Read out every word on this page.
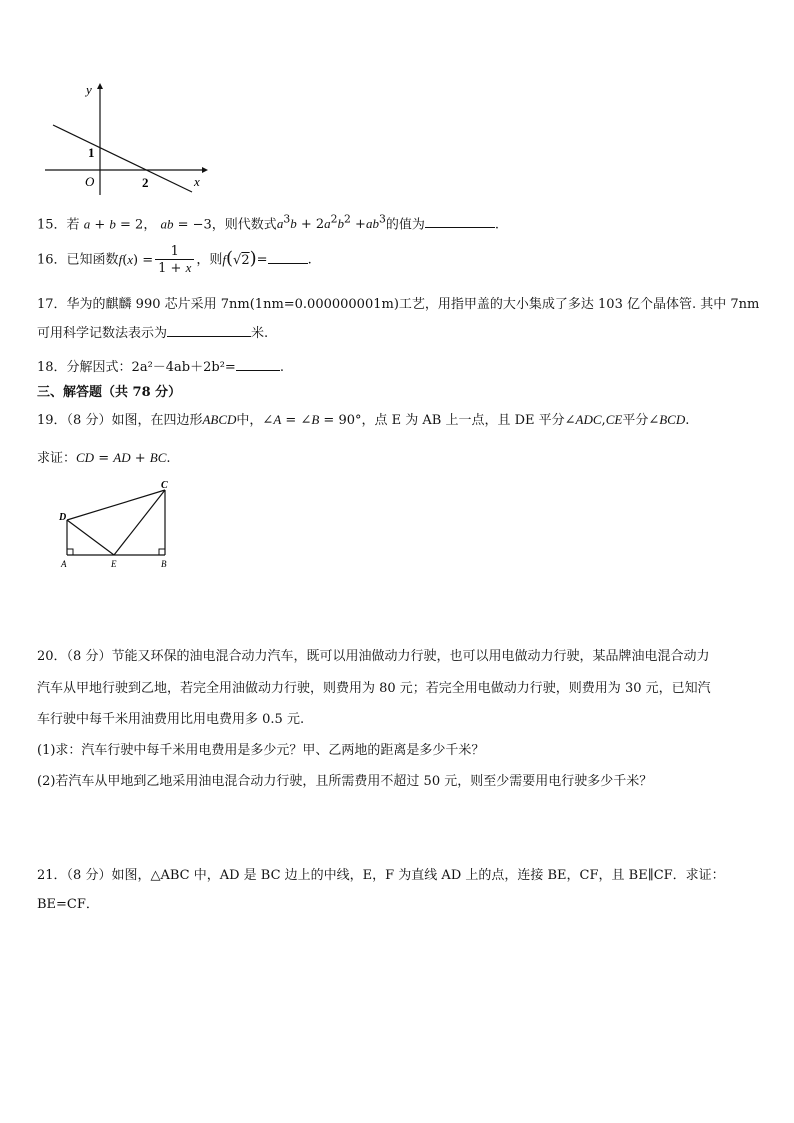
y
x
O
1
2
15．若 a + b = 2， ab = −3，则代数式$a^3b + 2a^2b^2 +ab^3$的值为	.
16．已知函数$f(x) = \frac{1}{1 + x}$ ，则f(√2)=	.
17．华为的麒麟 990 芯片采用 7nm(1nm=0.000000001m)工艺，用指甲盖的大小集成了多达 103 亿个晶体管. 其中 7nm
可用科学记数法表示为	米.
18．分解因式：2a²－4ab＋2b²=	.
三、解答题（共 78 分）
19．（8 分）如图，在四边形ABCD中，∠A = ∠B = 90°，点 E 为 AB 上一点，且 DE 平分∠ADC,CE平分∠BCD.
求证：CD = AD + BC.
D
C
A	E	B
20．（8 分）节能又环保的油电混合动力汽车，既可以用油做动力行驶，也可以用电做动力行驶，某品牌油电混合动力
汽车从甲地行驶到乙地，若完全用油做动力行驶，则费用为 80 元；若完全用电做动力行驶，则费用为 30 元，已知汽
车行驶中每千米用油费用比用电费用多 0.5 元.
(1)求：汽车行驶中每千米用电费用是多少元？甲、乙两地的距离是多少千米？
(2)若汽车从甲地到乙地采用油电混合动力行驶，且所需费用不超过 50 元，则至少需要用电行驶多少千米？
21．（8 分）如图，△ABC 中，AD 是 BC 边上的中线，E，F 为直线 AD 上的点，连接 BE，CF，且 BE∥CF．求证：
BE=CF．
